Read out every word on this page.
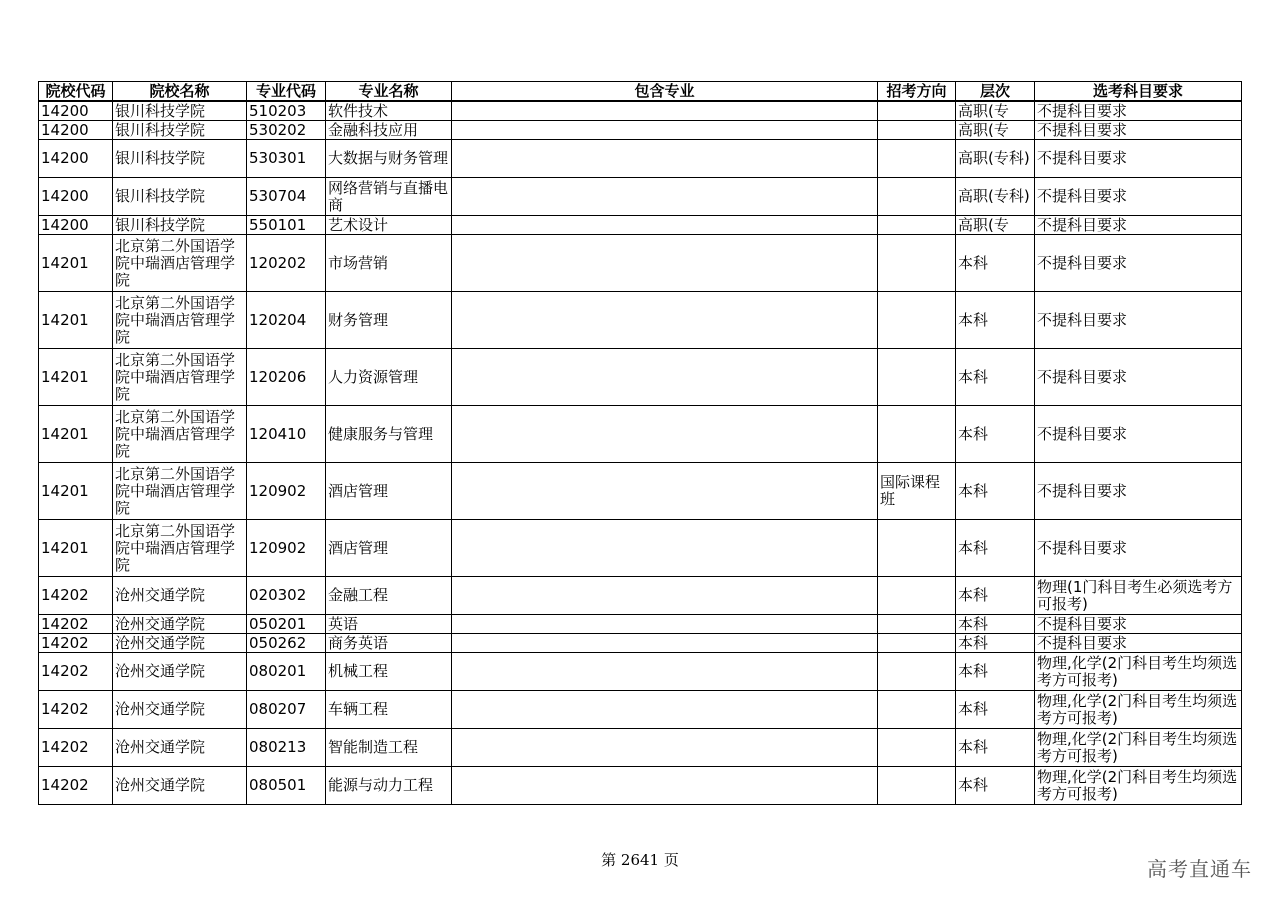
院校代码	院校名称	专业代码	专业名称	包含专业	招考方向	层次	选考科目要求
14200	银川科技学院	510203	软件技术			高职(专	不提科目要求
14200	银川科技学院	530202	金融科技应用			高职(专	不提科目要求
14200	银川科技学院	530301	大数据与财务管理			高职(专科)	不提科目要求
14200	银川科技学院	530704	网络营销与直播电商			高职(专科)	不提科目要求
14200	银川科技学院	550101	艺术设计			高职(专	不提科目要求
14201	北京第二外国语学院中瑞酒店管理学院	120202	市场营销			本科	不提科目要求
14201	北京第二外国语学院中瑞酒店管理学院	120204	财务管理			本科	不提科目要求
14201	北京第二外国语学院中瑞酒店管理学院	120206	人力资源管理			本科	不提科目要求
14201	北京第二外国语学院中瑞酒店管理学院	120410	健康服务与管理			本科	不提科目要求
14201	北京第二外国语学院中瑞酒店管理学院	120902	酒店管理		国际课程班	本科	不提科目要求
14201	北京第二外国语学院中瑞酒店管理学院	120902	酒店管理			本科	不提科目要求
14202	沧州交通学院	020302	金融工程			本科	物理(1门科目考生必须选考方可报考)
14202	沧州交通学院	050201	英语			本科	不提科目要求
14202	沧州交通学院	050262	商务英语			本科	不提科目要求
14202	沧州交通学院	080201	机械工程			本科	物理,化学(2门科目考生均须选考方可报考)
14202	沧州交通学院	080207	车辆工程			本科	物理,化学(2门科目考生均须选考方可报考)
14202	沧州交通学院	080213	智能制造工程			本科	物理,化学(2门科目考生均须选考方可报考)
14202	沧州交通学院	080501	能源与动力工程			本科	物理,化学(2门科目考生均须选考方可报考)
第 2641 页	高考直通车
